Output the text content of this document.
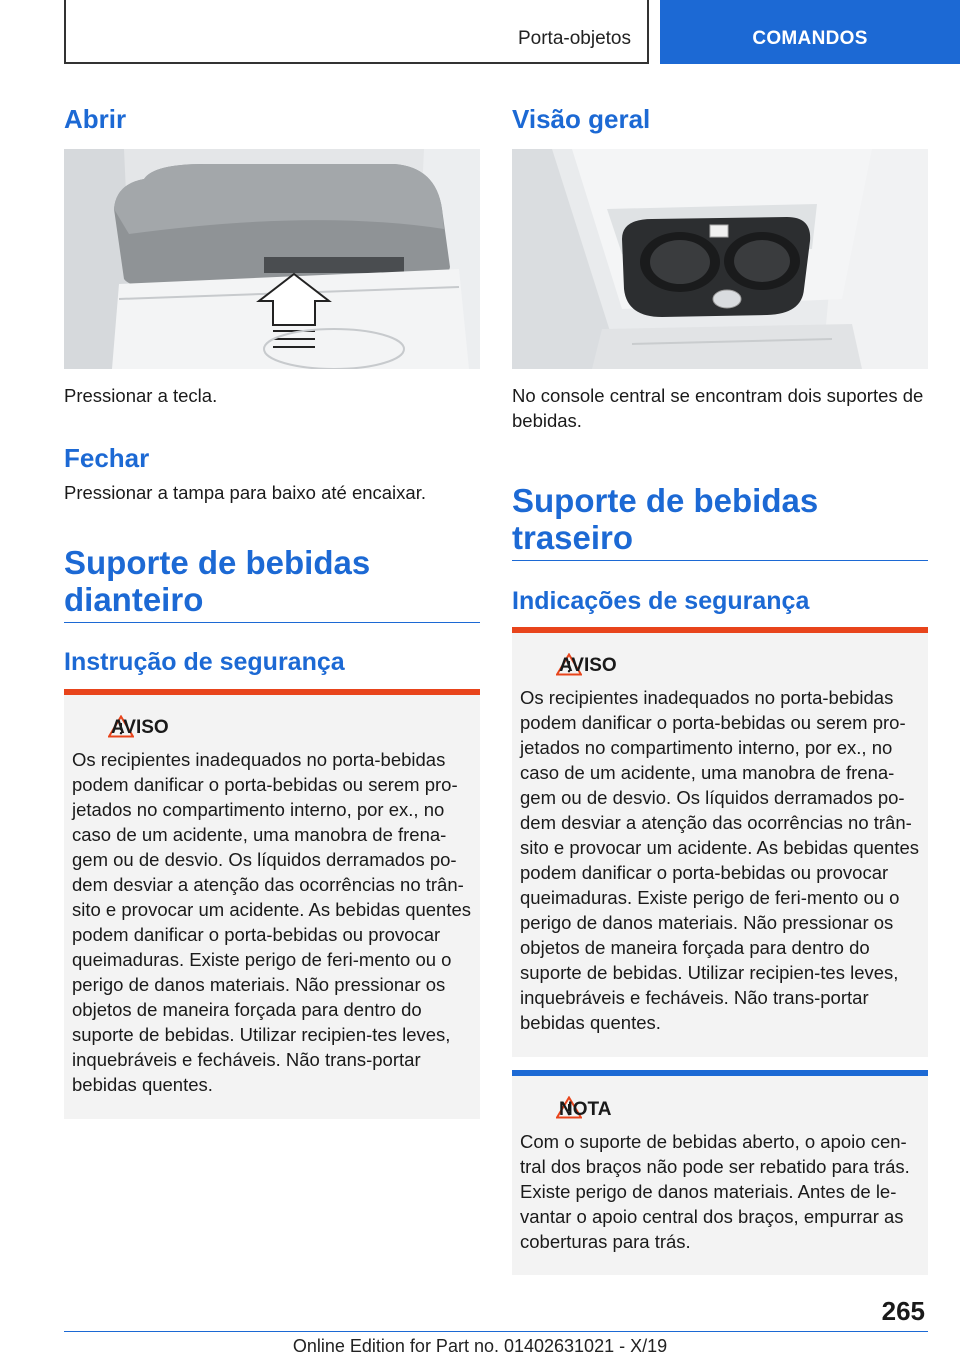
Porta-objetos	COMANDOS
Abrir

Pressionar a tecla.

Fechar

Pressionar a tampa para baixo até encaixar.

Suporte de bebidas dianteiro
Instrução de segurança
AVISO

Os recipientes inadequados no porta-bebidas podem danificar o porta-bebidas ou serem pro-jetados no compartimento interno, por ex., no caso de um acidente, uma manobra de frena-gem ou de desvio. Os líquidos derramados po-dem desviar a atenção das ocorrências no trân-sito e provocar um acidente. As bebidas quentes podem danificar o porta-bebidas ou provocar queimaduras. Existe perigo de feri-mento ou o perigo de danos materiais. Não pressionar os objetos de maneira forçada para dentro do suporte de bebidas. Utilizar recipien-tes leves, inquebráveis e fecháveis. Não trans-portar bebidas quentes.

Visão geral

No console central se encontram dois suportes de bebidas.

Suporte de bebidas traseiro
Indicações de segurança
AVISO

Os recipientes inadequados no porta-bebidas podem danificar o porta-bebidas ou serem pro-jetados no compartimento interno, por ex., no caso de um acidente, uma manobra de frena-gem ou de desvio. Os líquidos derramados po-dem desviar a atenção das ocorrências no trân-sito e provocar um acidente. As bebidas quentes podem danificar o porta-bebidas ou provocar queimaduras. Existe perigo de feri-mento ou o perigo de danos materiais. Não pressionar os objetos de maneira forçada para dentro do suporte de bebidas. Utilizar recipien-tes leves, inquebráveis e fecháveis. Não trans-portar bebidas quentes.

NOTA

Com o suporte de bebidas aberto, o apoio cen-tral dos braços não pode ser rebatido para trás. Existe perigo de danos materiais. Antes de le-vantar o apoio central dos braços, empurrar as coberturas para trás.

265
Online Edition for Part no. 01402631021 - X/19
